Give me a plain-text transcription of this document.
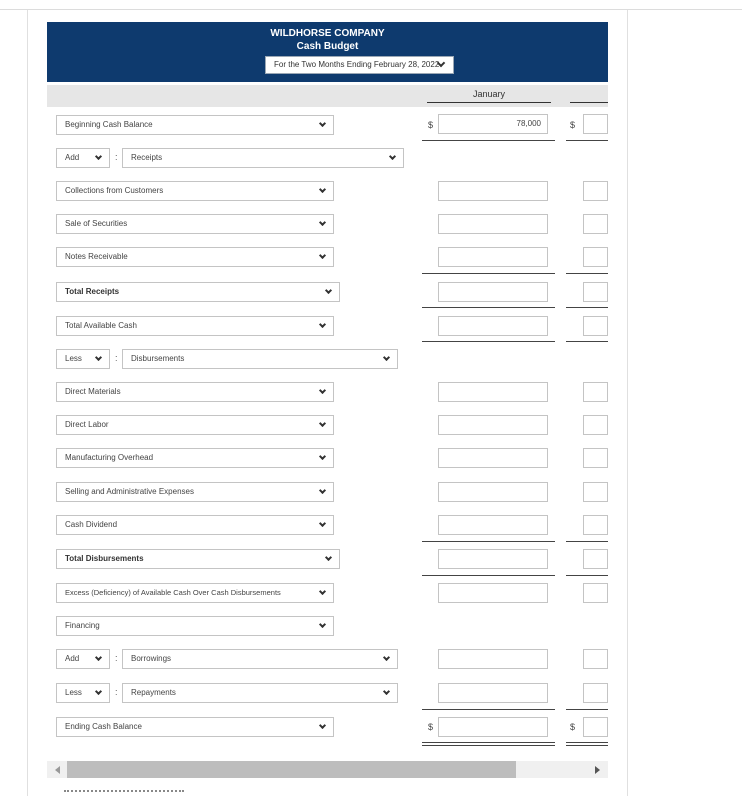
WILDHORSE COMPANY
Cash Budget
For the Two Months Ending February 28, 2022
January
Beginning Cash Balance	$	78,000	$
Add	:	Receipts
Collections from Customers
Sale of Securities
Notes Receivable
Total Receipts
Total Available Cash
Less	:	Disbursements
Direct Materials
Direct Labor
Manufacturing Overhead
Selling and Administrative Expenses
Cash Dividend
Total Disbursements
Excess (Deficiency) of Available Cash Over Cash Disbursements
Financing
Add	:	Borrowings
Less	:	Repayments
Ending Cash Balance	$	$
